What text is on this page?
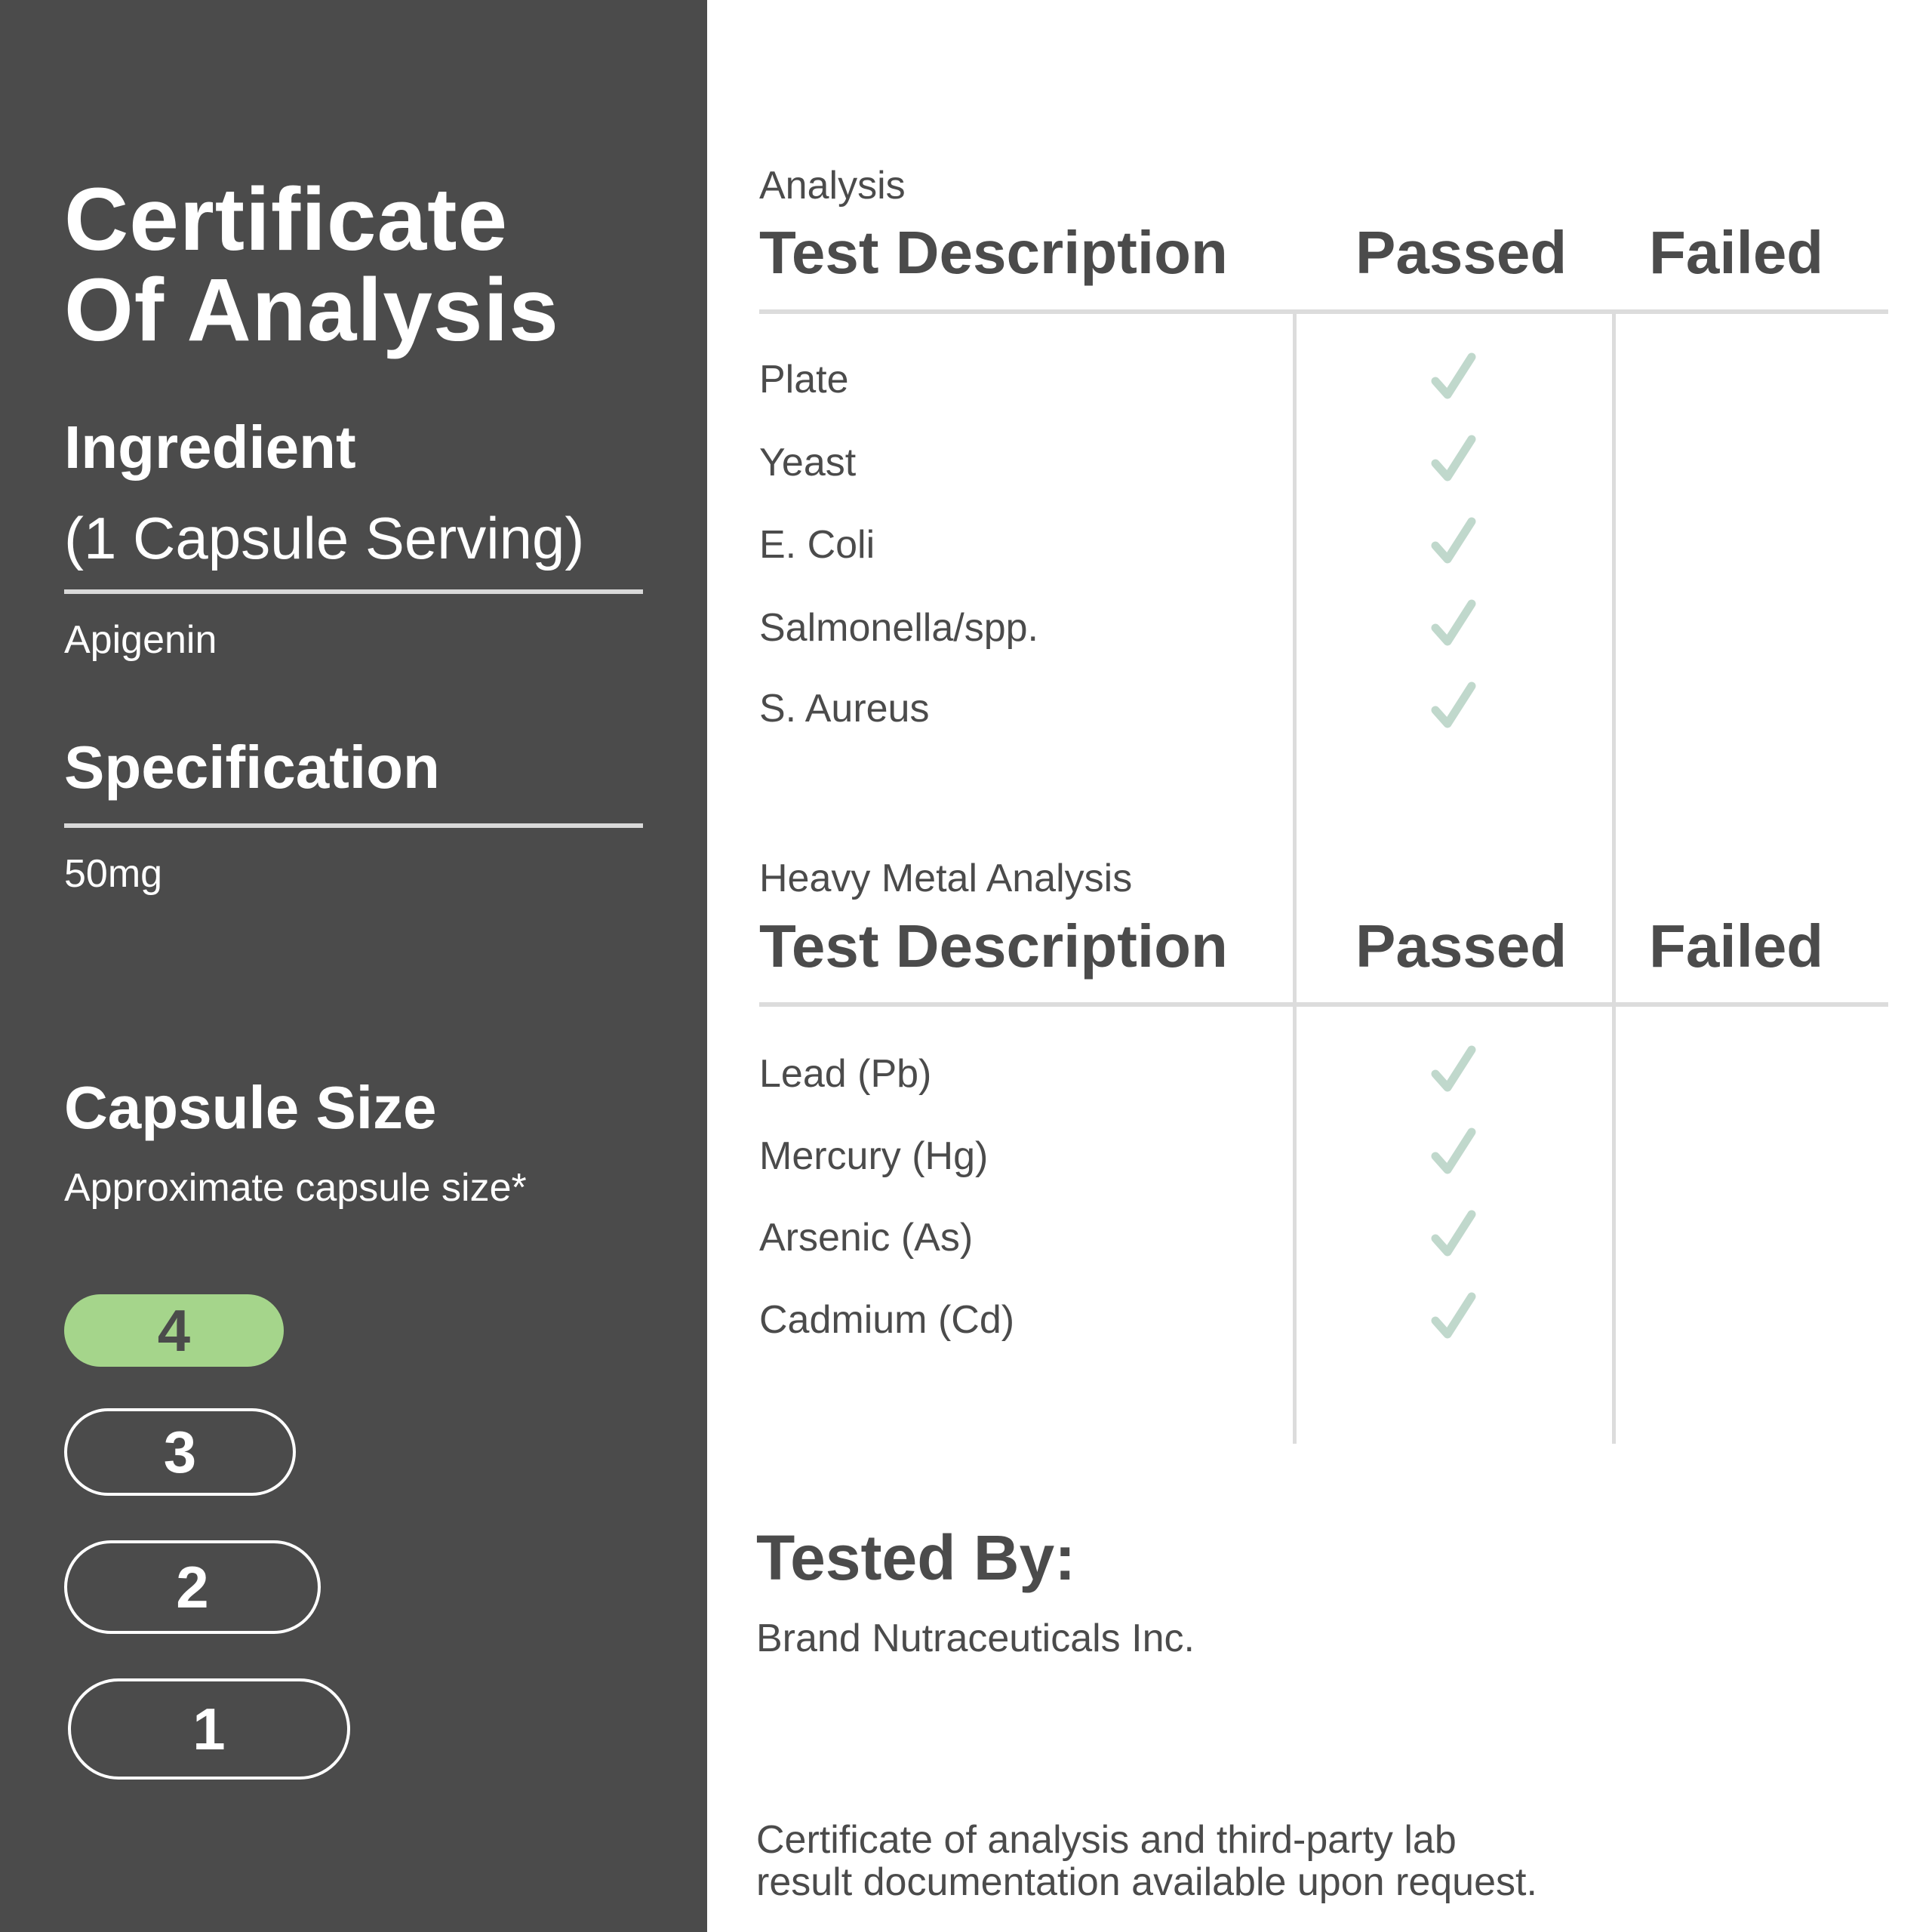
Certificate
Of Analysis
Ingredient
(1 Capsule Serving)
Apigenin
Specification
50mg
Capsule Size
Approximate capsule size*
4
3
2
1
Analysis
Test Description Passed Failed
Plate
Yeast
E. Coli
Salmonella/spp.
S. Aureus
Heavy Metal Analysis
Test Description Passed Failed
Lead (Pb)
Mercury (Hg)
Arsenic (As)
Cadmium (Cd)
Tested By:
Brand Nutraceuticals Inc.
Certificate of analysis and third-party lab
result documentation available upon request.
